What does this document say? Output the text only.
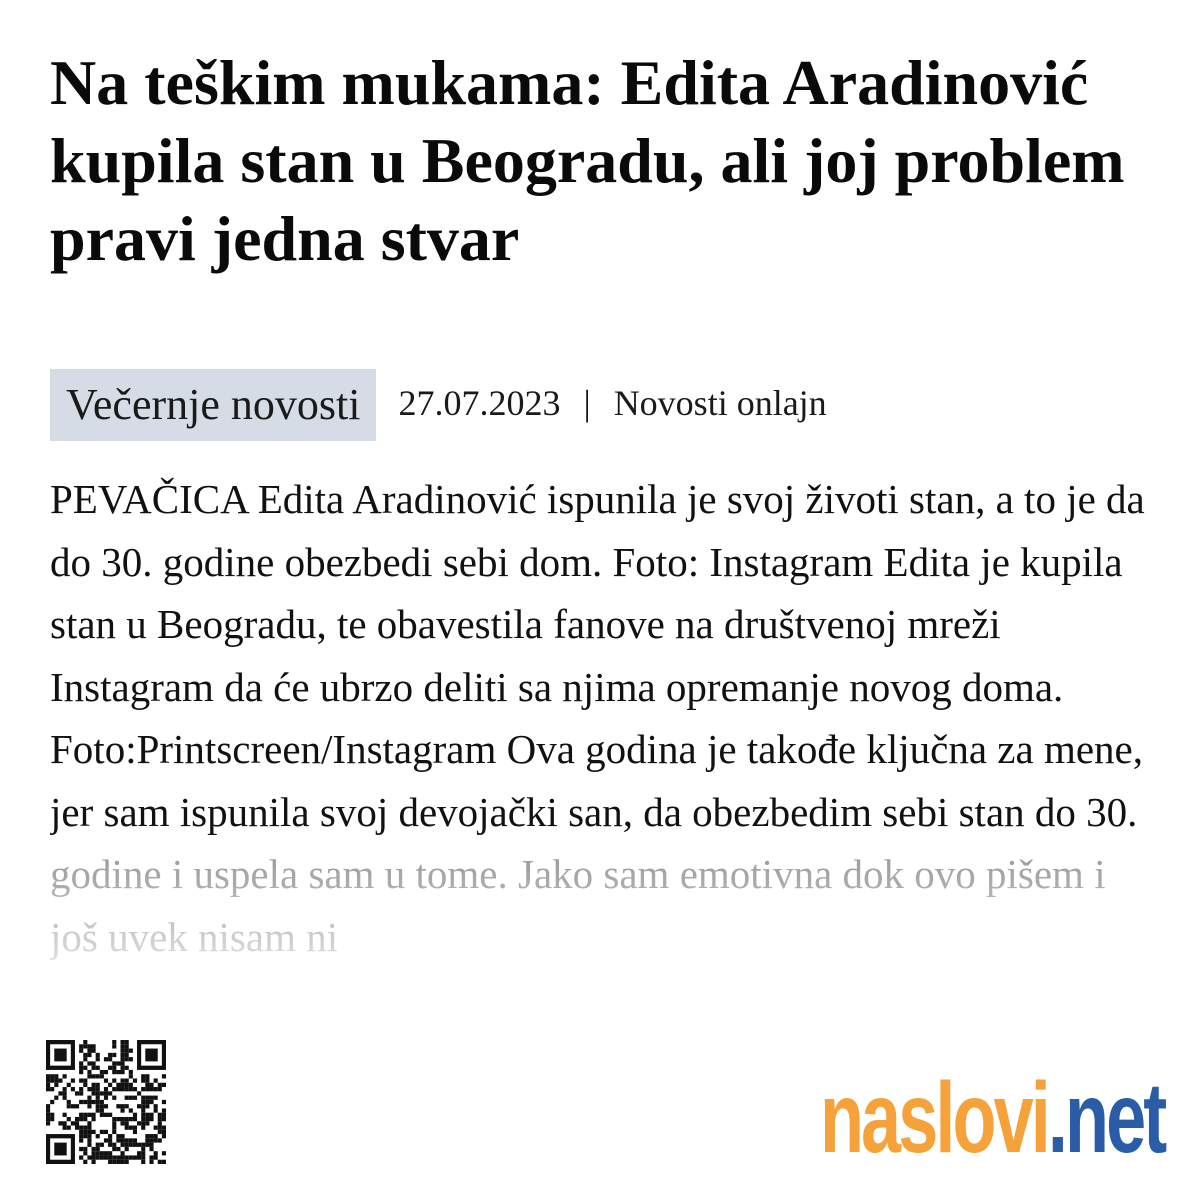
Na teškim mukama: Edita Aradinović kupila stan u Beogradu, ali joj problem pravi jedna stvar
Večernje novosti	27.07.2023 | Novosti onlajn

PEVAČICA Edita Aradinović ispunila je svoj životi stan, a to je da do 30. godine obezbedi sebi dom. Foto: Instagram Edita je kupila stan u Beogradu, te obavestila fanove na društvenoj mreži Instagram da će ubrzo deliti sa njima opremanje novog doma. Foto:Printscreen/Instagram Ova godina je takođe ključna za mene, jer sam ispunila svoj devojački san, da obezbedim sebi stan do 30.

naslovi.net
